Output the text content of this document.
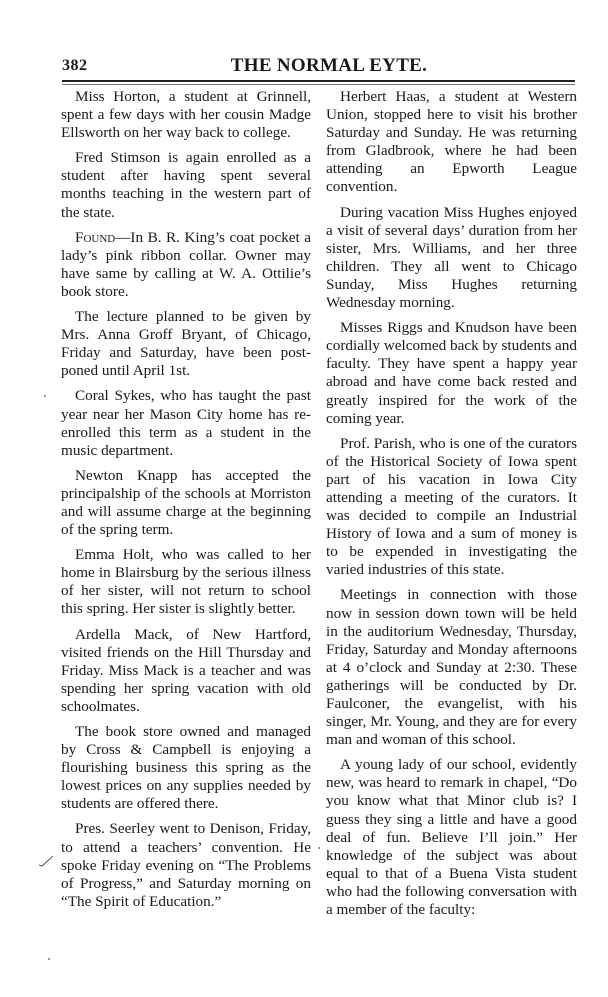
382	THE NORMAL EYTE.

Miss Horton, a student at Grinnell, spent a few days with her cousin Madge Ellsworth on her way back to college.

Fred Stimson is again enrolled as a student after having spent several months teaching in the western part of the state.

Found—In B. R. King’s coat pocket a lady’s pink ribbon collar. Owner may have same by calling at W. A. Ottilie’s book store.

The lecture planned to be given by Mrs. Anna Groff Bryant, of Chicago, Friday and Saturday, have been postponed until April 1st.

Coral Sykes, who has taught the past year near her Mason City home has re-enrolled this term as a student in the music department.

Newton Knapp has accepted the principalship of the schools at Morriston and will assume charge at the beginning of the spring term.

Emma Holt, who was called to her home in Blairsburg by the serious illness of her sister, will not return to school this spring. Her sister is slightly better.

Ardella Mack, of New Hartford, visited friends on the Hill Thursday and Friday. Miss Mack is a teacher and was spending her spring vacation with old schoolmates.

The book store owned and managed by Cross & Campbell is enjoying a flourishing business this spring as the lowest prices on any supplies needed by students are offered there.

Pres. Seerley went to Denison, Friday, to attend a teachers’ convention. He spoke Friday evening on “The Problems of Progress,” and Saturday morning on “The Spirit of Education.”

Herbert Haas, a student at Western Union, stopped here to visit his brother Saturday and Sunday. He was returning from Gladbrook, where he had been attending an Epworth League convention.

During vacation Miss Hughes enjoyed a visit of several days’ duration from her sister, Mrs. Williams, and her three children. They all went to Chicago Sunday, Miss Hughes returning Wednesday morning.

Misses Riggs and Knudson have been cordially welcomed back by students and faculty. They have spent a happy year abroad and have come back rested and greatly inspired for the work of the coming year.

Prof. Parish, who is one of the curators of the Historical Society of Iowa spent part of his vacation in Iowa City attending a meeting of the curators. It was decided to compile an Industrial History of Iowa and a sum of money is to be expended in investigating the varied industries of this state.

Meetings in connection with those now in session down town will be held in the auditorium Wednesday, Thursday, Friday, Saturday and Monday afternoons at 4 o’clock and Sunday at 2:30. These gatherings will be conducted by Dr. Faulconer, the evangelist, with his singer, Mr. Young, and they are for every man and woman of this school.

A young lady of our school, evidently new, was heard to remark in chapel, “Do you know what that Minor club is? I guess they sing a little and have a good deal of fun. Believe I’ll join.” Her knowledge of the subject was about equal to that of a Buena Vista student who had the following conversation with a member of the faculty:
